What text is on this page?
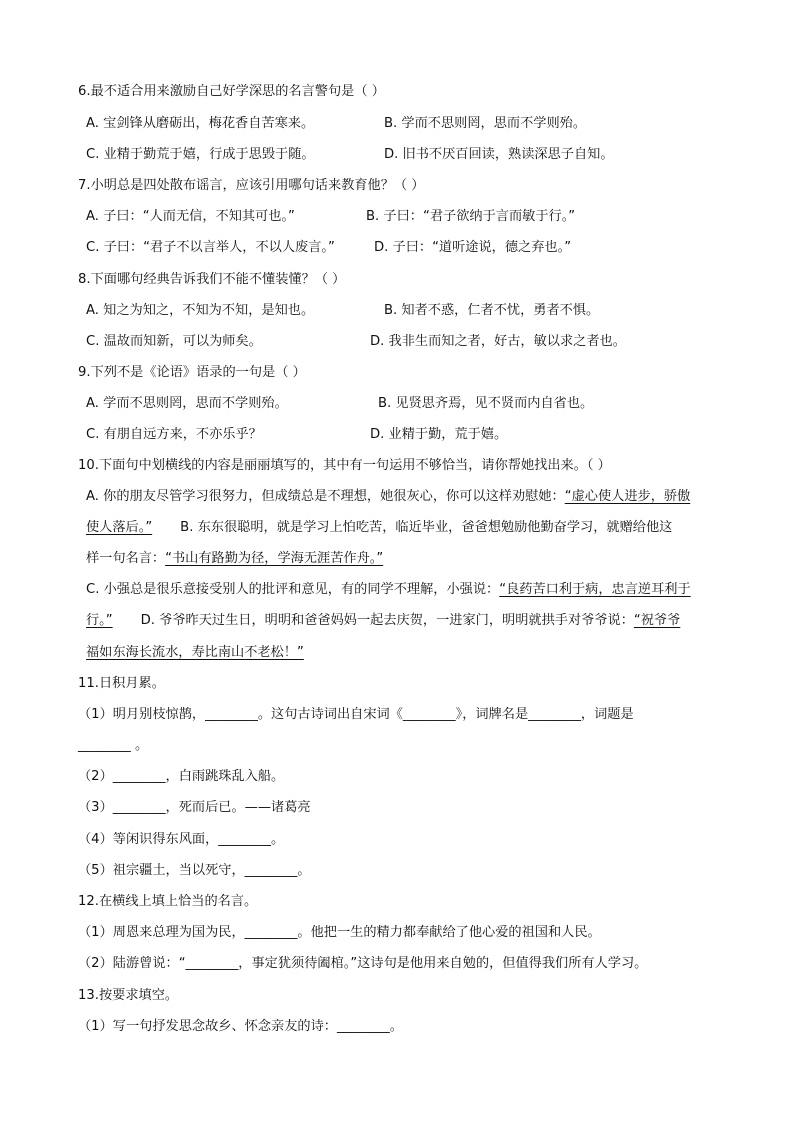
6.最不适合用来激励自己好学深思的名言警句是（ ）
A. 宝剑锋从磨砺出，梅花香自苦寒来。	B. 学而不思则罔，思而不学则殆。
C. 业精于勤荒于嬉，行成于思毁于随。	D. 旧书不厌百回读，熟读深思子自知。
7.小明总是四处散布谣言，应该引用哪句话来教育他？（ ）
A. 子曰：“人而无信，不知其可也。”	B. 子曰：“君子欲纳于言而敏于行。”
C. 子曰：“君子不以言举人，不以人废言。”	D. 子曰：“道听途说，德之弃也。”
8.下面哪句经典告诉我们不能不懂装懂？（ ）
A. 知之为知之，不知为不知，是知也。	B. 知者不惑，仁者不忧，勇者不惧。
C. 温故而知新，可以为师矣。	D. 我非生而知之者，好古，敏以求之者也。
9.下列不是《论语》语录的一句是（ ）
A. 学而不思则罔，思而不学则殆。	B. 见贤思齐焉，见不贤而内自省也。
C. 有朋自远方来，不亦乐乎？	D. 业精于勤，荒于嬉。
10.下面句中划横线的内容是丽丽填写的，其中有一句运用不够恰当，请你帮她找出来。（ ）
A. 你的朋友尽管学习很努力，但成绩总是不理想，她很灰心，你可以这样劝慰她：“虚心使人进步，骄傲
使人落后。” B. 东东很聪明，就是学习上怕吃苦，临近毕业，爸爸想勉励他勤奋学习，就赠给他这
样一句名言：“书山有路勤为径，学海无涯苦作舟。”
C. 小强总是很乐意接受别人的批评和意见，有的同学不理解，小强说：“良药苦口利于病，忠言逆耳利于
行。” D. 爷爷昨天过生日，明明和爸爸妈妈一起去庆贺，一进家门，明明就拱手对爷爷说：“祝爷爷
福如东海长流水，寿比南山不老松！”
11.日积月累。
（1）明月别枝惊鹊，________。这句古诗词出自宋词《________》，词牌名是________，词题是
________ 。
（2）________，白雨跳珠乱入船。
（3）________，死而后已。——诸葛亮
（4）等闲识得东风面，________。
（5）祖宗疆土，当以死守，________。
12.在横线上填上恰当的名言。
（1）周恩来总理为国为民，________。他把一生的精力都奉献给了他心爱的祖国和人民。
（2）陆游曾说：“________，事定犹须待阖棺。”这诗句是他用来自勉的，但值得我们所有人学习。
13.按要求填空。
（1）写一句抒发思念故乡、怀念亲友的诗：________。
